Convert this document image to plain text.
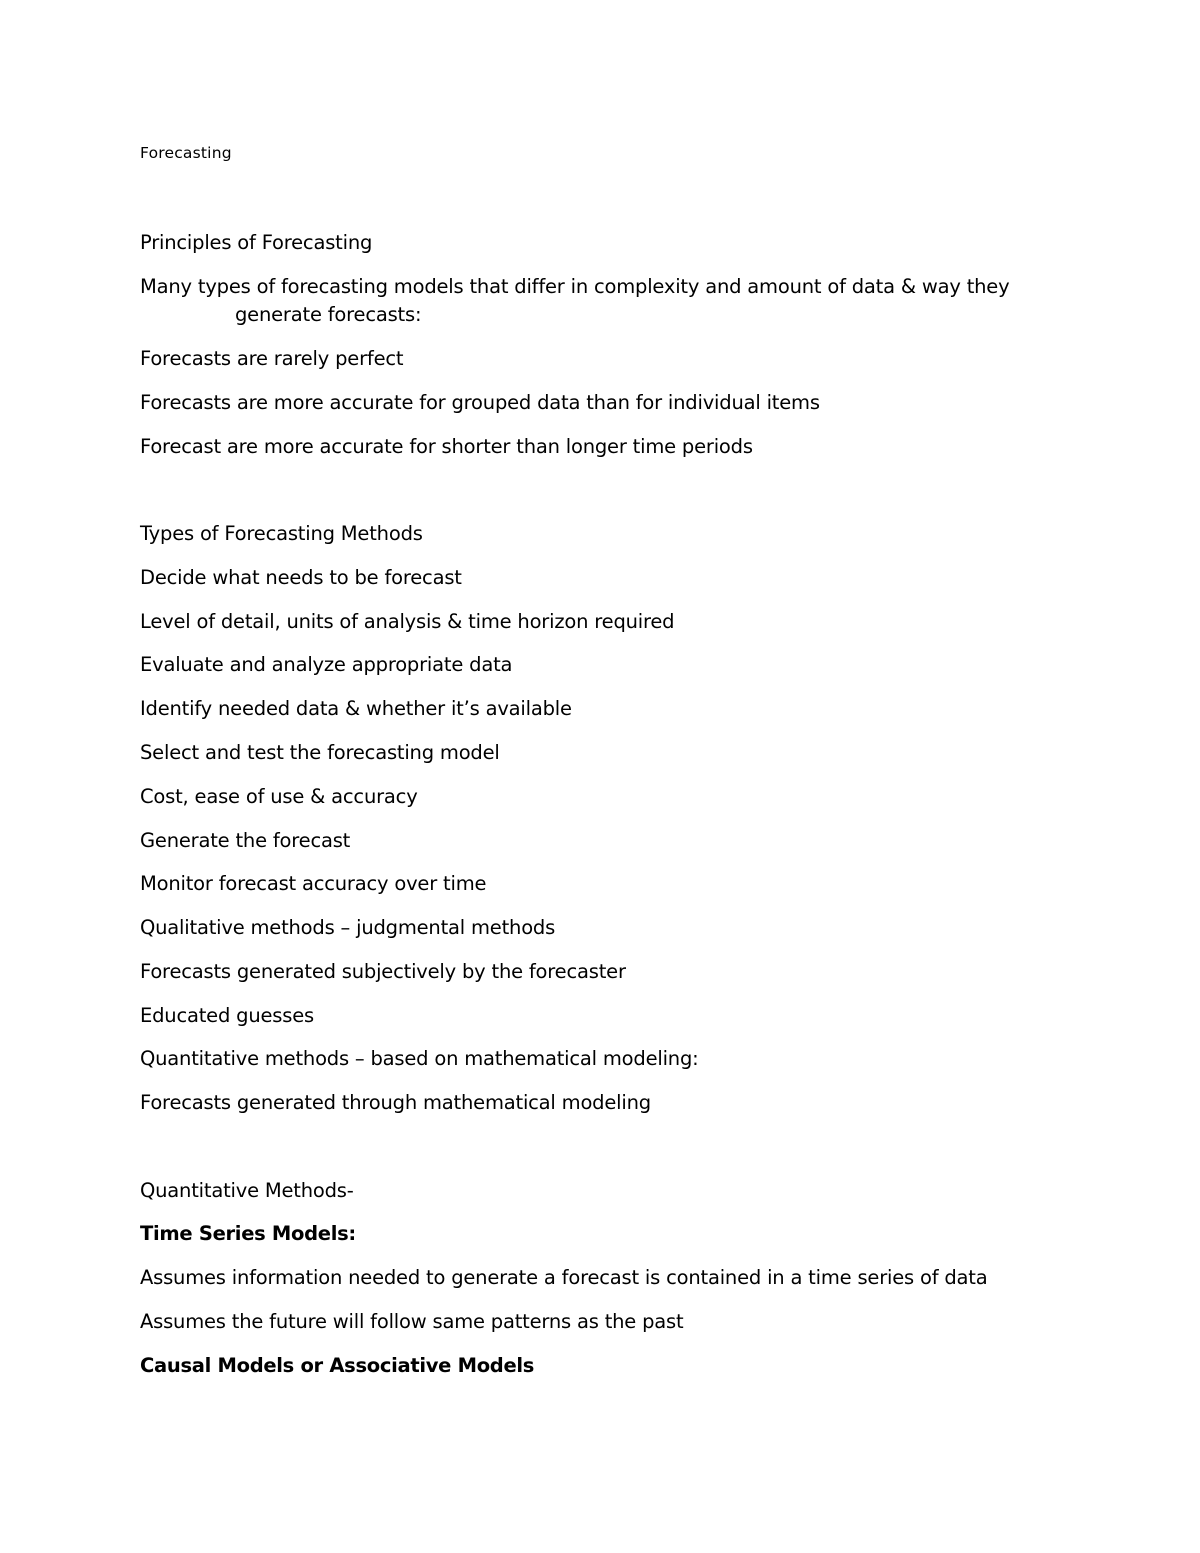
Forecasting
Principles of Forecasting
Many types of forecasting models that differ in complexity and amount of data & way they
generate forecasts:
Forecasts are rarely perfect
Forecasts are more accurate for grouped data than for individual items
Forecast are more accurate for shorter than longer time periods
Types of Forecasting Methods
Decide what needs to be forecast
Level of detail, units of analysis & time horizon required
Evaluate and analyze appropriate data
Identify needed data & whether it’s available
Select and test the forecasting model
Cost, ease of use & accuracy
Generate the forecast
Monitor forecast accuracy over time
Qualitative methods – judgmental methods
Forecasts generated subjectively by the forecaster
Educated guesses
Quantitative methods – based on mathematical modeling:
Forecasts generated through mathematical modeling
Quantitative Methods-
Time Series Models:
Assumes information needed to generate a forecast is contained in a time series of data
Assumes the future will follow same patterns as the past
Causal Models or Associative Models
